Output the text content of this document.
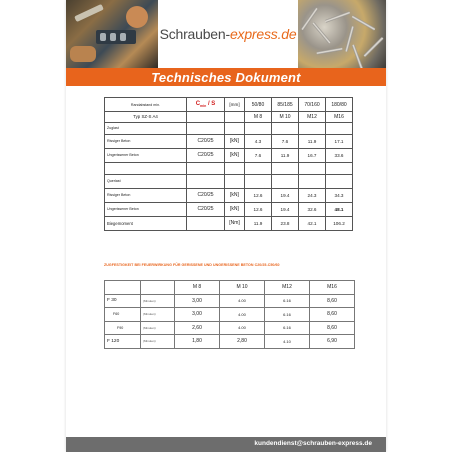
Schrauben-express.de
Technisches Dokument
Randabstand min.	$C_{min}$ / S	[mm]	50/80	85/185	70/160	180/80
Typ SZ-S A4			M 8	M 10	M12	M16
Zuglast						
Rissiger Beton	C20/25	[kN]	4.3	7.6	11.9	17.1
Ungerissener Beton	C20/25	[kN]	7.6	11.9	16.7	33.6

Querlast						
Rissiger Beton	C20/25	[kN]	12.6	19.4	24.3	34.3
Ungerissener Beton	C20/25	[kN]	12.6	19.4	32.6	48.1
Biegemoment		[Nm]	11.9	23.8	42.1	106.2
ZUGFESTIGKEIT BEI FEUERWIRKUNG FÜR GERISSENE UND UNGERISSENE BETON C20/25-C50/60
		M 8	M 10	M12	M16
F 30	(Minuten)	3,00	4.00	6.16	8,60
F60	(Minuten)	3,00	4.00	6.16	8,60
F90	(Minuten)	2,60	4.00	6.16	8,60
F 120	(Minuten)	1,80	2,80	4.10	6,90
kundendienst@schrauben-express.de
